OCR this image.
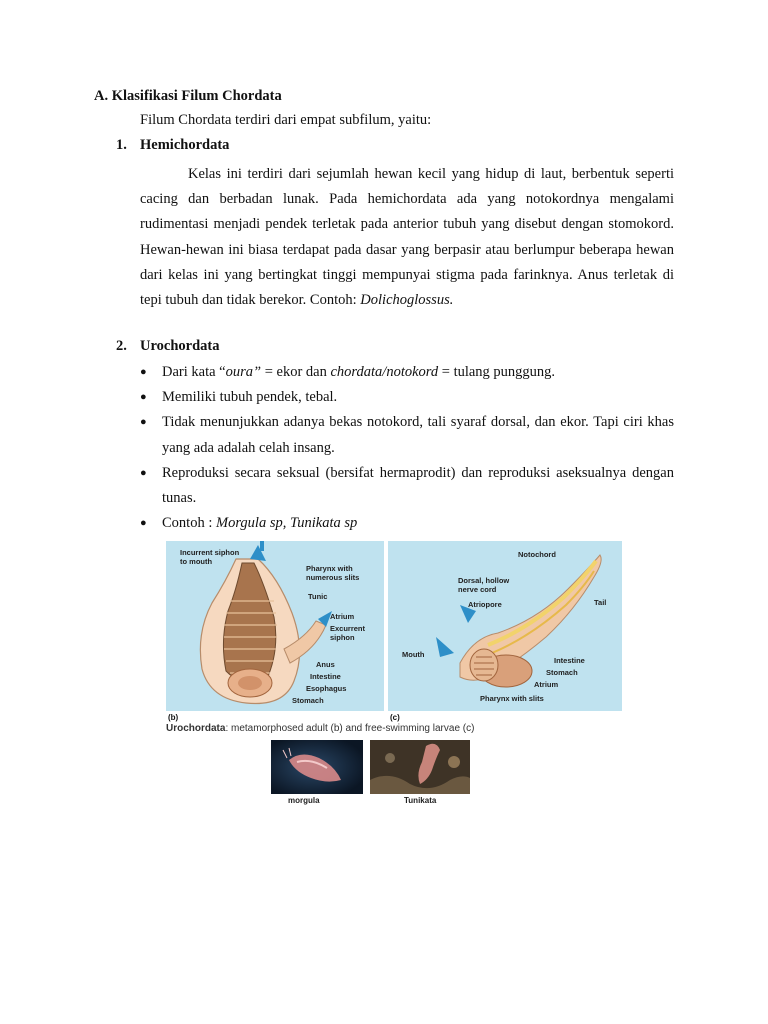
A. Klasifikasi Filum Chordata
Filum Chordata terdiri dari empat subfilum, yaitu:
1. Hemichordata
Kelas ini terdiri dari sejumlah hewan kecil yang hidup di laut, berbentuk seperti cacing dan berbadan lunak. Pada hemichordata ada yang notokordnya mengalami rudimentasi menjadi pendek terletak pada anterior tubuh yang disebut dengan stomokord. Hewan-hewan ini biasa terdapat pada dasar yang berpasir atau berlumpur beberapa hewan dari kelas ini yang bertingkat tinggi mempunyai stigma pada farinknya. Anus terletak di tepi tubuh dan tidak berekor. Contoh: Dolichoglossus.
2. Urochordata
● Dari kata “oura” = ekor dan chordata/notokord = tulang punggung.
● Memiliki tubuh pendek, tebal.
● Tidak menunjukkan adanya bekas notokord, tali syaraf dorsal, dan ekor. Tapi ciri khas yang ada adalah celah insang.
● Reproduksi secara seksual (bersifat hermaprodit) dan reproduksi aseksualnya dengan tunas.
● Contoh : Morgula sp, Tunikata sp
Incurrent siphon to mouth
Pharynx with numerous slits
Tunic
Atrium
Excurrent siphon
Anus
Intestine
Esophagus
Stomach
Notochord
Dorsal, hollow nerve cord
Tail
Atriopore
Mouth
Intestine
Stomach
Atrium
Pharynx with slits
(b)	(c)
Urochordata: metamorphosed adult (b) and free-swimming larvae (c)
morgula	Tunikata
